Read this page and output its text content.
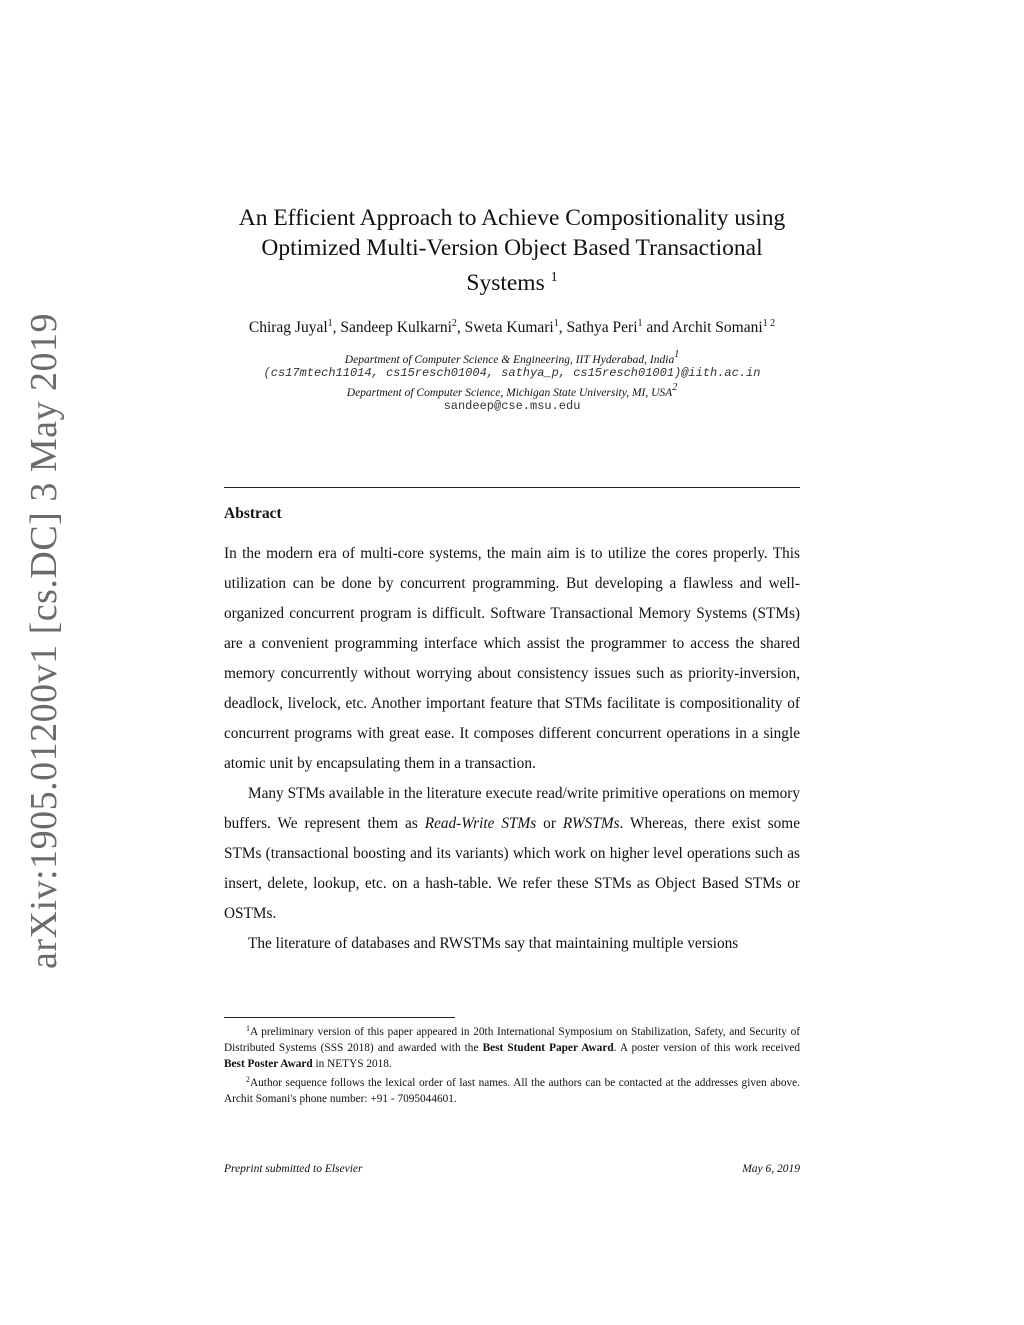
arXiv:1905.01200v1 [cs.DC] 3 May 2019
An Efficient Approach to Achieve Compositionality using
Optimized Multi-Version Object Based Transactional
Systems $^1$
Chirag Juyal$^1$, Sandeep Kulkarni$^2$, Sweta Kumari$^1$, Sathya Peri$^1$ and Archit Somani$^{1 2}$
Department of Computer Science & Engineering, IIT Hyderabad, India$^1$
(cs17mtech11014, cs15resch01004, sathya_p, cs15resch01001)@iith.ac.in
Department of Computer Science, Michigan State University, MI, USA$^2$
sandeep@cse.msu.edu
Abstract

In the modern era of multi-core systems, the main aim is to utilize the cores properly. This utilization can be done by concurrent programming. But developing a flawless and well-organized concurrent program is difficult. Software Transactional Memory Systems (STMs) are a convenient programming interface which assist the programmer to access the shared memory concurrently without worrying about consistency issues such as priority-inversion, deadlock, livelock, etc. Another important feature that STMs facilitate is compositionality of concurrent programs with great ease. It composes different concurrent operations in a single atomic unit by encapsulating them in a transaction.

Many STMs available in the literature execute read/write primitive operations on memory buffers. We represent them as Read-Write STMs or RWSTMs. Whereas, there exist some STMs (transactional boosting and its variants) which work on higher level operations such as insert, delete, lookup, etc. on a hash-table. We refer these STMs as Object Based STMs or OSTMs.

The literature of databases and RWSTMs say that maintaining multiple versions

$^1$A preliminary version of this paper appeared in 20th International Symposium on Stabilization, Safety, and Security of Distributed Systems (SSS 2018) and awarded with the Best Student Paper Award. A poster version of this work received Best Poster Award in NETYS 2018.

$^2$Author sequence follows the lexical order of last names. All the authors can be contacted at the addresses given above. Archit Somani's phone number: +91 - 7095044601.

Preprint submitted to Elsevier	May 6, 2019
